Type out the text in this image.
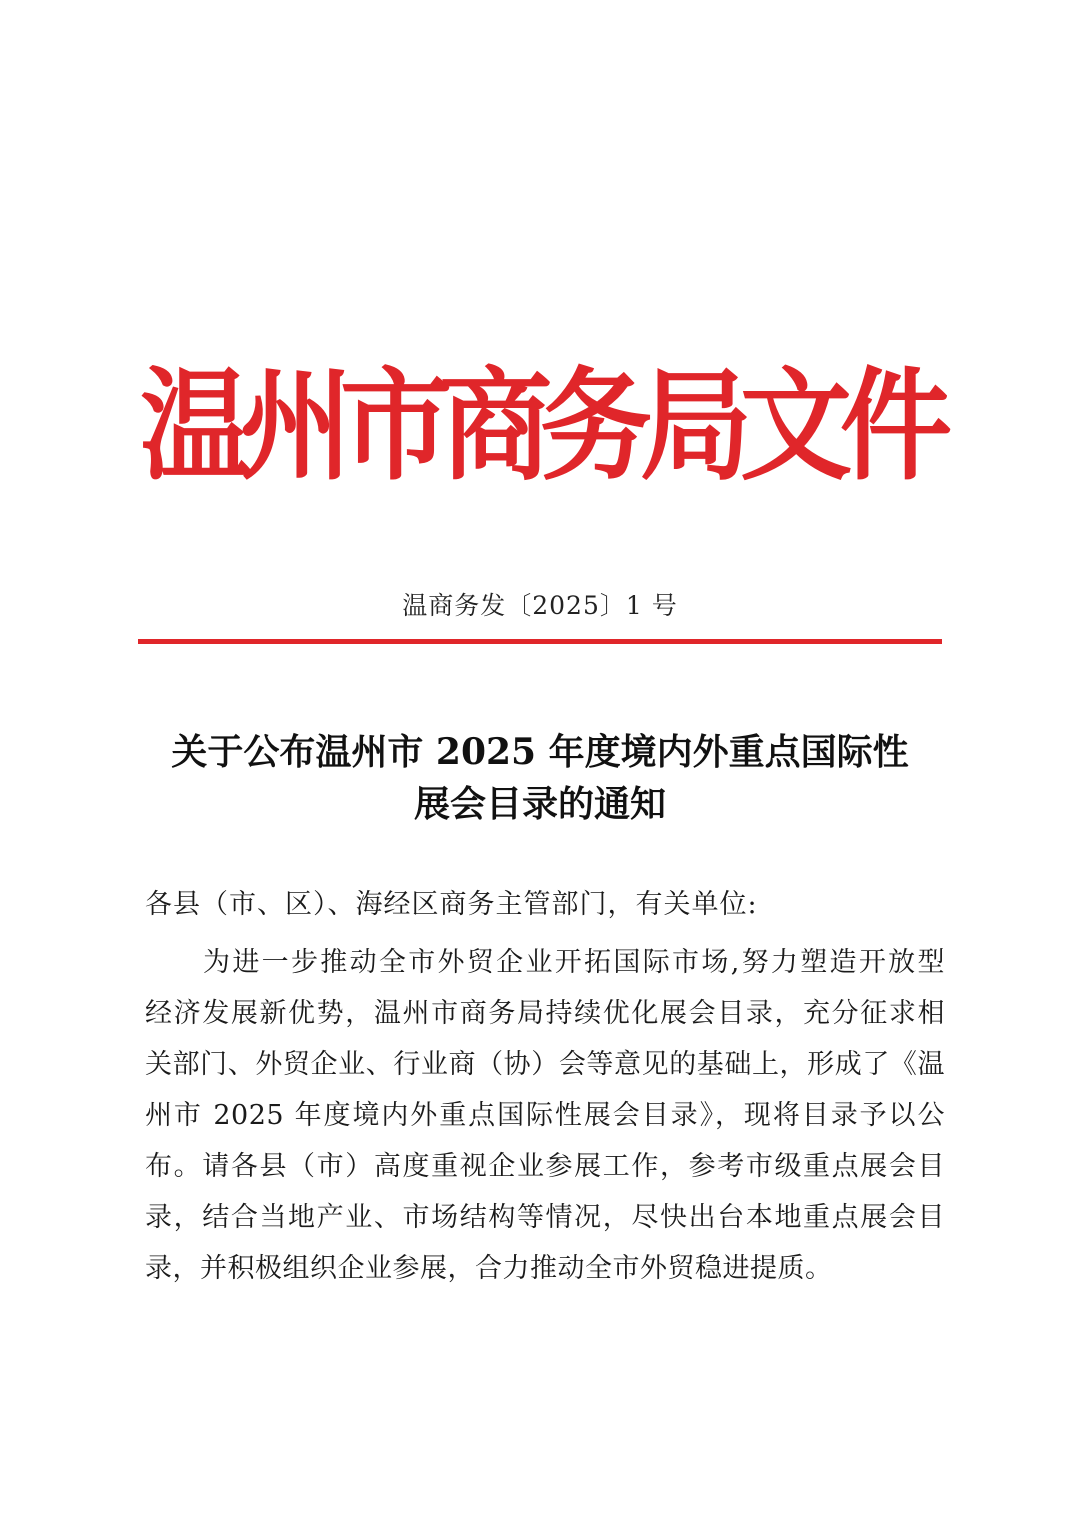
温州市商务局文件
温商务发〔2025〕1 号
关于公布温州市 2025 年度境内外重点国际性
展会目录的通知
各县（市、区）、海经区商务主管部门，有关单位:
为进一步推动全市外贸企业开拓国际市场,努力塑造开放型
经济发展新优势，温州市商务局持续优化展会目录，充分征求相
关部门、外贸企业、行业商（协）会等意见的基础上，形成了《温
州市 2025 年度境内外重点国际性展会目录》，现将目录予以公
布。请各县（市）高度重视企业参展工作，参考市级重点展会目
录，结合当地产业、市场结构等情况，尽快出台本地重点展会目
录，并积极组织企业参展，合力推动全市外贸稳进提质。
